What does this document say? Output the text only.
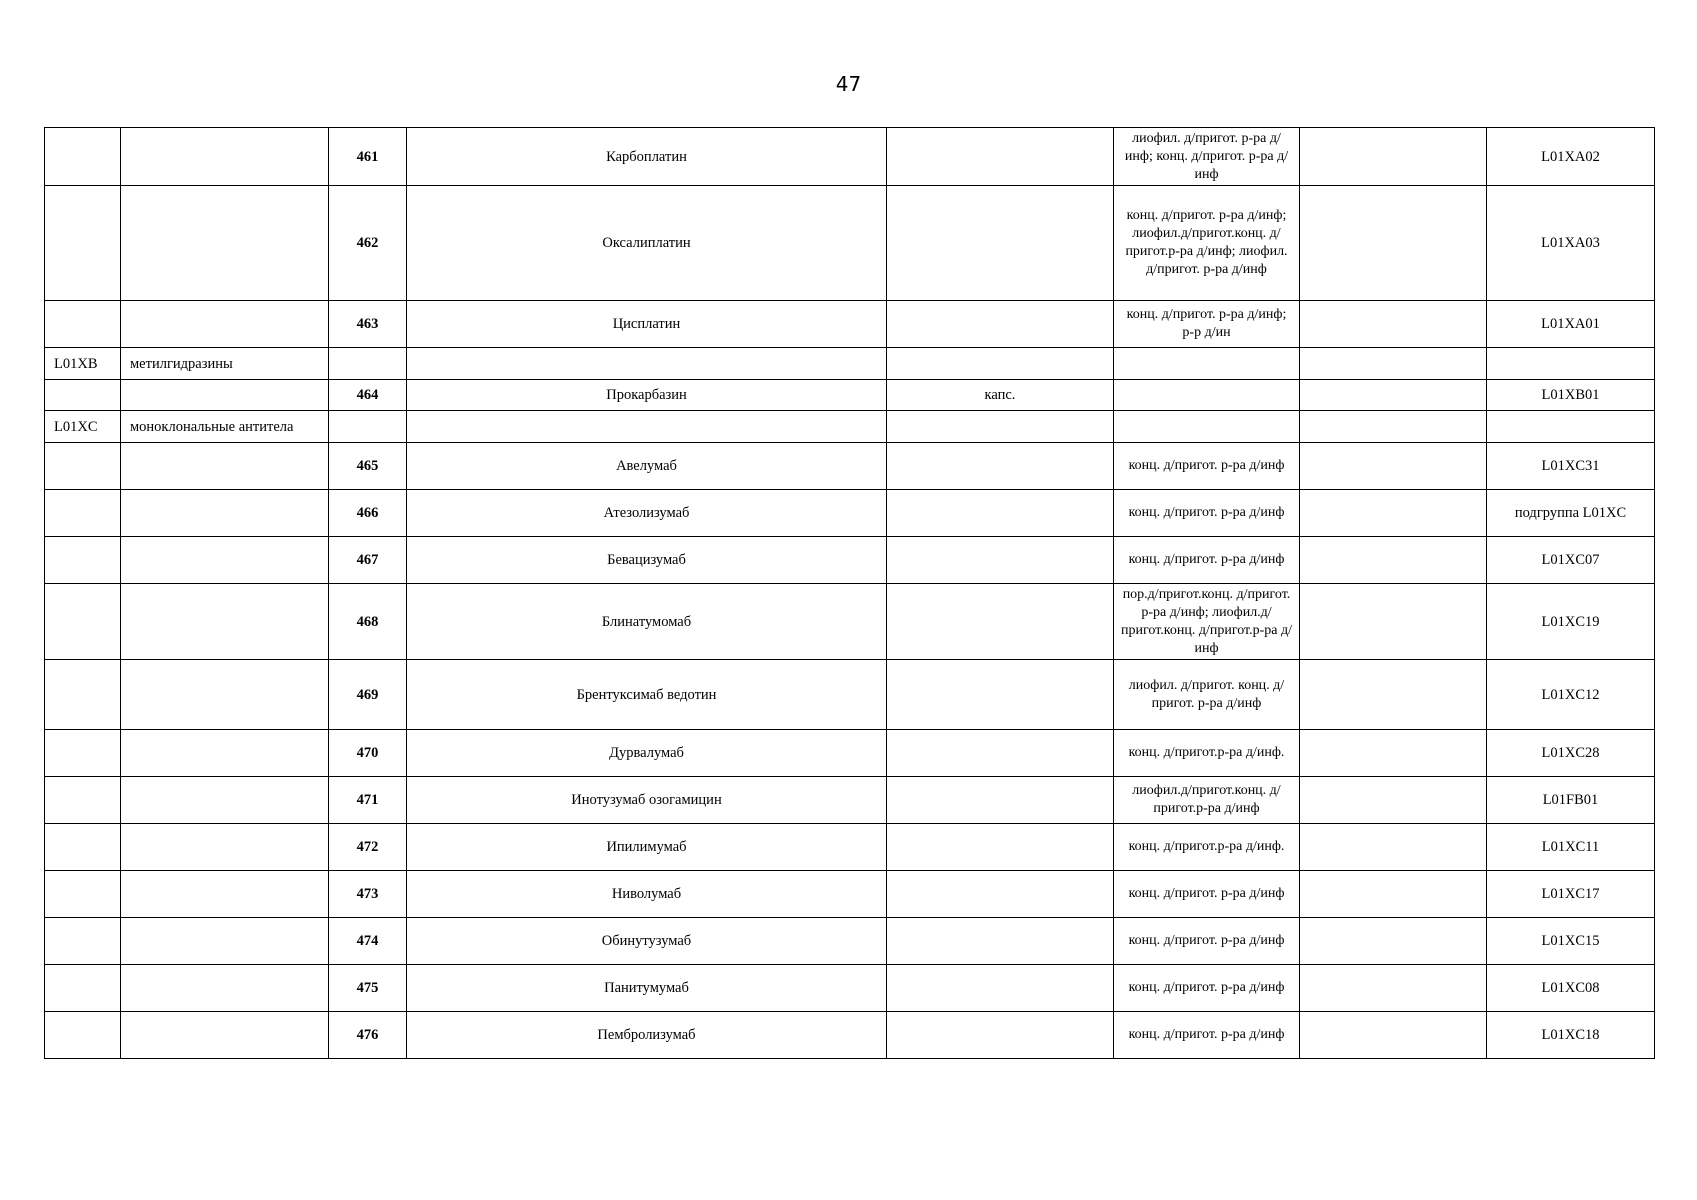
47
		461	Карбоплатин		лиофил. д/пригот. р-ра д/инф; конц. д/пригот. р-ра д/инф		L01XA02
		462	Оксалиплатин		конц. д/пригот. р-ра д/инф; лиофил.д/пригот.конц. д/пригот.р-ра д/инф; лиофил. д/пригот. р-ра д/инф		L01XA03
		463	Цисплатин		конц. д/пригот. р-ра д/инф; р-р д/ин		L01XA01
L01XB	метилгидразины						
		464	Прокарбазин	капс.			L01XB01
L01XC	моноклональные антитела						
		465	Авелумаб		конц. д/пригот. р-ра д/инф		L01XC31
		466	Атезолизумаб		конц. д/пригот. р-ра д/инф		подгруппа L01XC
		467	Бевацизумаб		конц. д/пригот. р-ра д/инф		L01XC07
		468	Блинатумомаб		пор.д/пригот.конц. д/пригот. р-ра д/инф; лиофил.д/пригот.конц. д/пригот.р-ра д/инф		L01XC19
		469	Брентуксимаб ведотин		лиофил. д/пригот. конц. д/пригот. р-ра д/инф		L01XC12
		470	Дурвалумаб		конц. д/пригот.р-ра д/инф.		L01XC28
		471	Инотузумаб озогамицин		лиофил.д/пригот.конц. д/пригот.р-ра д/инф		L01FB01
		472	Ипилимумаб		конц. д/пригот.р-ра д/инф.		L01XC11
		473	Ниволумаб		конц. д/пригот. р-ра д/инф		L01XC17
		474	Обинутузумаб		конц. д/пригот. р-ра д/инф		L01XC15
		475	Панитумумаб		конц. д/пригот. р-ра д/инф		L01XC08
		476	Пембролизумаб		конц. д/пригот. р-ра д/инф		L01XC18
